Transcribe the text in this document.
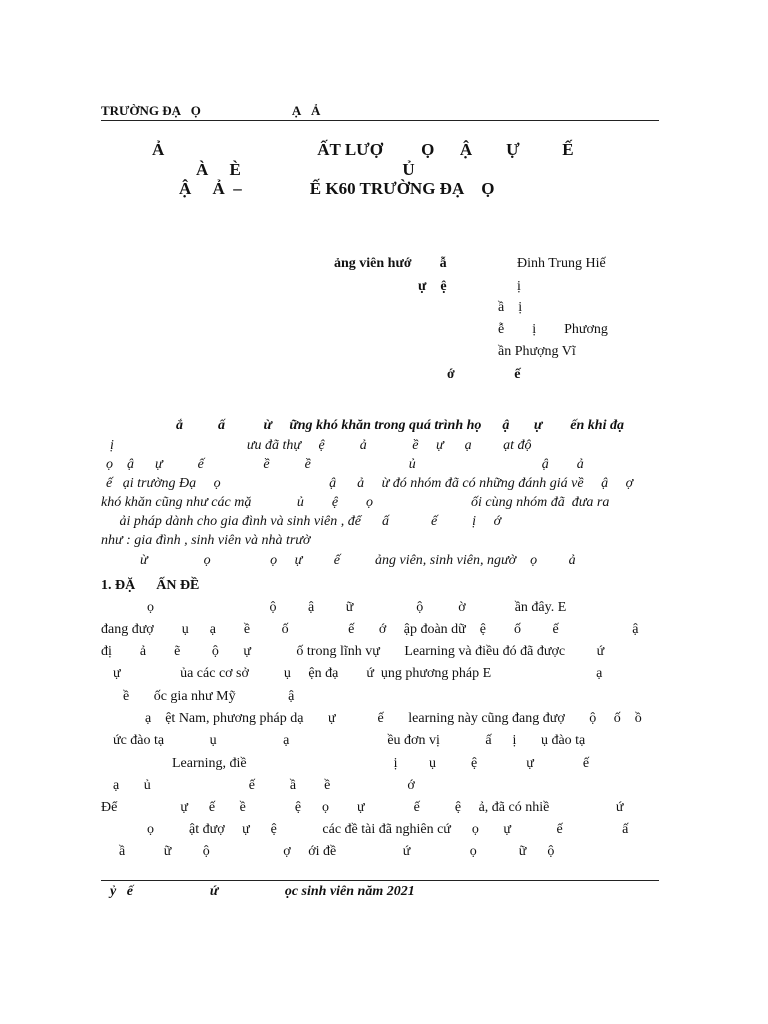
TRƯỜNG ĐẠ   Ọ                            Ạ   Ả
Ả                                    ẤT LƯỢ         Ọ      Ậ        Ự          Ế
À     È                                      Ủ
Ậ     Ả  –                Ế K60 TRƯỜNG ĐẠ    Ọ
ảng viên hướ        ẫ	Đinh Trung Hiế
ự    ệ	ị
ầ    ị
ễ        ị        Phương
ần Phượng Vĩ
ớ                 ế
ắ          ấ           ừ     ững khó khăn trong quá trình họ      ậ       ự        ến khi đạ
ị                                      ưu đã thự     ệ          ả             ề     ự      ạ         ạt độ
ọ    ậ      ự          ế                 ề          ề                            ủ                                    ậ        ả
ế   ại trường Đạ     ọ                               ậ      ả     ừ đó nhóm đã có những đánh giá về     ậ     ợ
khó khăn cũng như các mặ             ủ        ệ        ọ                            ối cùng nhóm đã  đưa ra
ải pháp dành cho gia đình và sinh viên , để      ấ            ế          ị     ớ
như : gia đình , sinh viên và nhà trườ
ừ                ọ                 ọ     ự         ế          ảng viên, sinh viên, ngườ    ọ         ả
1. ĐẶ      ẤN ĐỀ
ọ                                 ộ         ậ         ữ                  ộ          ờ              ần đây. E
đang đượ        ụ      ạ        ề         ố                 ế       ớ     ập đoàn dữ    ệ        ố         ế                     ậ
đị        ả        ẽ         ộ       ự             ố trong lĩnh vự       Learning và điều đó đã được         ứ
ự                 ủa các cơ sở          ụ     ện đạ        ứ  ụng phương pháp E                              ạ
ề       ốc gia như Mỹ               ậ
ạ    ệt Nam, phương pháp dạ       ự            ế       learning này cũng đang đượ       ộ     ố    ồ
ức đào tạ             ụ                   ạ                            ều đơn vị             ấ      ị       ụ đào tạ
Learning, điề                                          ị         ụ          ệ              ự              ế
ạ       ủ                            ế          ầ        ề                      ớ
Để                  ự      ế       ề              ệ      ọ        ự              ế          ệ     ả, đã có nhiề                   ứ
ọ          ật đượ     ự      ệ             các đề tài đã nghiên cứ      ọ       ự             ế                 ấ
ầ           ữ         ộ                     ợ     ới đề                   ứ                 ọ            ữ      ộ
ỷ   ế                      ứ                   ọc sinh viên năm 2021
